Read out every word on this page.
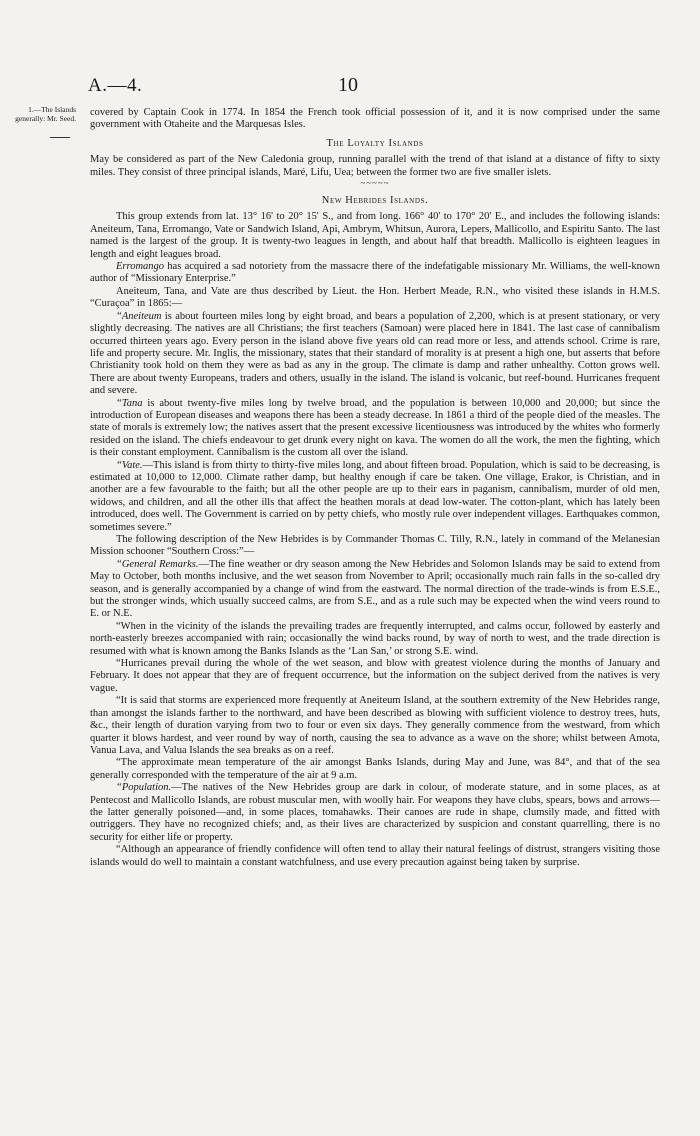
A.—4.	10
1.—The Islands generally: Mr. Seed. covered by Captain Cook in 1774. In 1854 the French took official possession of it, and it is now comprised under the same government with Otaheite and the Marquesas Isles.

The Loyalty Islands

May be considered as part of the New Caledonia group, running parallel with the trend of that island at a distance of fifty to sixty miles. They consist of three principal islands, Maré, Lifu, Uea; between the former two are five smaller islets.

~~~~~
New Hebrides Islands.

This group extends from lat. 13° 16' to 20° 15' S., and from long. 166° 40' to 170° 20' E., and includes the following islands: Aneiteum, Tana, Erromango, Vate or Sandwich Island, Api, Ambrym, Whitsun, Aurora, Lepers, Mallicollo, and Espiritu Santo. The last named is the largest of the group. It is twenty-two leagues in length, and about half that breadth. Mallicollo is eighteen leagues in length and eight leagues broad.

Erromango has acquired a sad notoriety from the massacre there of the indefatigable missionary Mr. Williams, the well-known author of “Missionary Enterprise.”

Aneiteum, Tana, and Vate are thus described by Lieut. the Hon. Herbert Meade, R.N., who visited these islands in H.M.S. “Curaçoa” in 1865:—

“Aneiteum is about fourteen miles long by eight broad, and bears a population of 2,200, which is at present stationary, or very slightly decreasing. The natives are all Christians; the first teachers (Samoan) were placed here in 1841. The last case of cannibalism occurred thirteen years ago. Every person in the island above five years old can read more or less, and attends school. Crime is rare, life and property secure. Mr. Inglis, the missionary, states that their standard of morality is at present a high one, but asserts that before Christianity took hold on them they were as bad as any in the group. The climate is damp and rather unhealthy. Cotton grows well. There are about twenty Europeans, traders and others, usually in the island. The island is volcanic, but reef-bound. Hurricanes frequent and severe.

“Tana is about twenty-five miles long by twelve broad, and the population is between 10,000 and 20,000; but since the introduction of European diseases and weapons there has been a steady decrease. In 1861 a third of the people died of the measles. The state of morals is extremely low; the natives assert that the present excessive licentiousness was introduced by the whites who formerly resided on the island. The chiefs endeavour to get drunk every night on kava. The women do all the work, the men the fighting, which is their constant employment. Cannibalism is the custom all over the island.

“Vate.—This island is from thirty to thirty-five miles long, and about fifteen broad. Population, which is said to be decreasing, is estimated at 10,000 to 12,000. Climate rather damp, but healthy enough if care be taken. One village, Erakor, is Christian, and in another are a few favourable to the faith; but all the other people are up to their ears in paganism, cannibalism, murder of old men, widows, and children, and all the other ills that affect the heathen morals at dead low-water. The cotton-plant, which has lately been introduced, does well. The Government is carried on by petty chiefs, who mostly rule over independent villages. Earthquakes common, sometimes severe.”

The following description of the New Hebrides is by Commander Thomas C. Tilly, R.N., lately in command of the Melanesian Mission schooner “Southern Cross:”—

“General Remarks.—The fine weather or dry season among the New Hebrides and Solomon Islands may be said to extend from May to October, both months inclusive, and the wet season from November to April; occasionally much rain falls in the so-called dry season, and is generally accompanied by a change of wind from the eastward. The normal direction of the trade-winds is from E.S.E., but the stronger winds, which usually succeed calms, are from S.E., and as a rule such may be expected when the wind veers round to E. or N.E.

“When in the vicinity of the islands the prevailing trades are frequently interrupted, and calms occur, followed by easterly and north-easterly breezes accompanied with rain; occasionally the wind backs round, by way of north to west, and the trade direction is resumed with what is known among the Banks Islands as the ‘Lan San,’ or strong S.E. wind.

“Hurricanes prevail during the whole of the wet season, and blow with greatest violence during the months of January and February. It does not appear that they are of frequent occurrence, but the information on the subject derived from the natives is very vague.

“It is said that storms are experienced more frequently at Aneiteum Island, at the southern extremity of the New Hebrides range, than amongst the islands farther to the northward, and have been described as blowing with sufficient violence to destroy trees, huts, &c., their length of duration varying from two to four or even six days. They generally commence from the westward, from which quarter it blows hardest, and veer round by way of north, causing the sea to advance as a wave on the shore; whilst between Amota, Vanua Lava, and Valua Islands the sea breaks as on a reef.

“The approximate mean temperature of the air amongst Banks Islands, during May and June, was 84°, and that of the sea generally corresponded with the temperature of the air at 9 a.m.

“Population.—The natives of the New Hebrides group are dark in colour, of moderate stature, and in some places, as at Pentecost and Mallicollo Islands, are robust muscular men, with woolly hair. For weapons they have clubs, spears, bows and arrows—the latter generally poisoned—and, in some places, tomahawks. Their canoes are rude in shape, clumsily made, and fitted with outriggers. They have no recognized chiefs; and, as their lives are characterized by suspicion and constant quarrelling, there is no security for either life or property.

“Although an appearance of friendly confidence will often tend to allay their natural feelings of distrust, strangers visiting those islands would do well to maintain a constant watchfulness, and use every precaution against being taken by surprise.
